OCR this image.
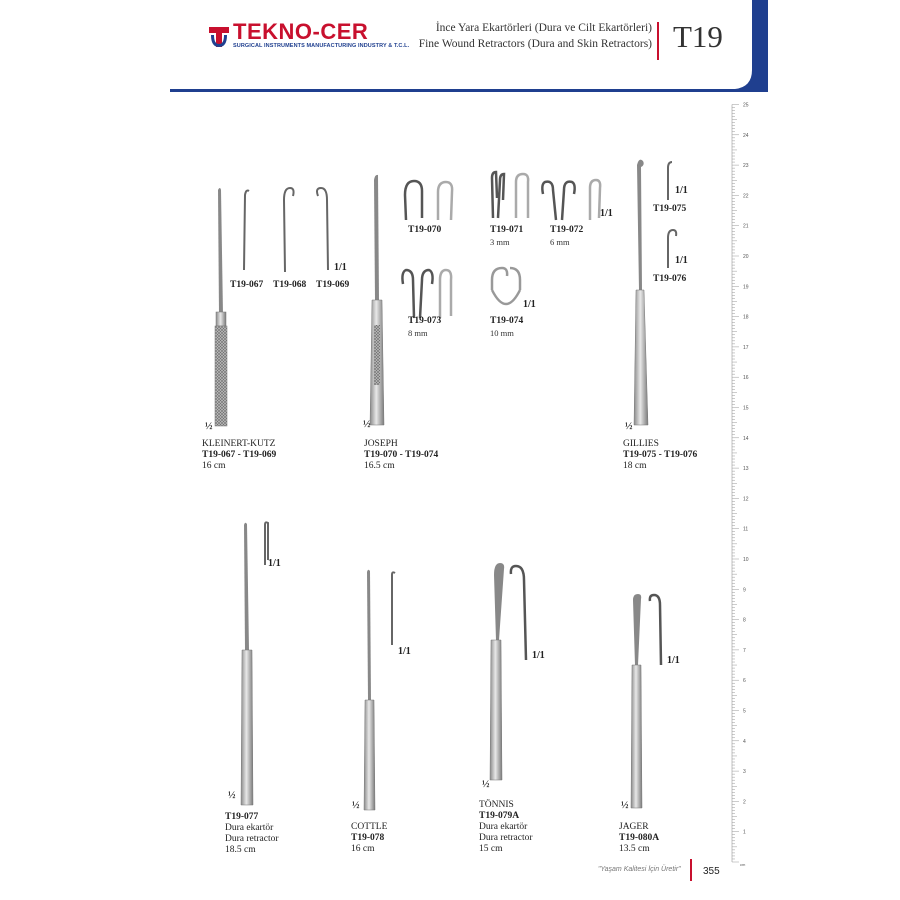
TEKNO-CER
SURGICAL INSTRUMENTS MANUFACTURING INDUSTRY & T.C.L.
İnce Yara Ekartörleri (Dura ve Cilt Ekartörleri)
Fine Wound Retractors (Dura and Skin Retractors) T19
½
1/1
½
1/1
1/1
½
1/1
1/1
1/1
½
1/1
½
1/1
½
1/1
½
T19-067 T19-068 T19-069
T19-070	T19-071
3 mm
T19-072
6 mm
T19-073
8 mm
T19-074
10 mm
T19-075
T19-076
KLEINERT-KUTZ
T19-067 - T19-069
16 cm
JOSEPH
T19-070 - T19-074
16.5 cm
GILLIES
T19-075 - T19-076
18 cm
T19-077
Dura ekartör
Dura retractor
18.5 cm
COTTLE
T19-078
16 cm
TÖNNIS
T19-079A
Dura ekartör
Dura retractor
15 cm
JAGER
T19-080A
13.5 cm
1
2
3
4
5
6
7
8
9
10
11
12
13
14
15
16
17
18
19
20
21
22
23
24
25
cm
"Yaşam Kalitesi İçin Üretir" 355
